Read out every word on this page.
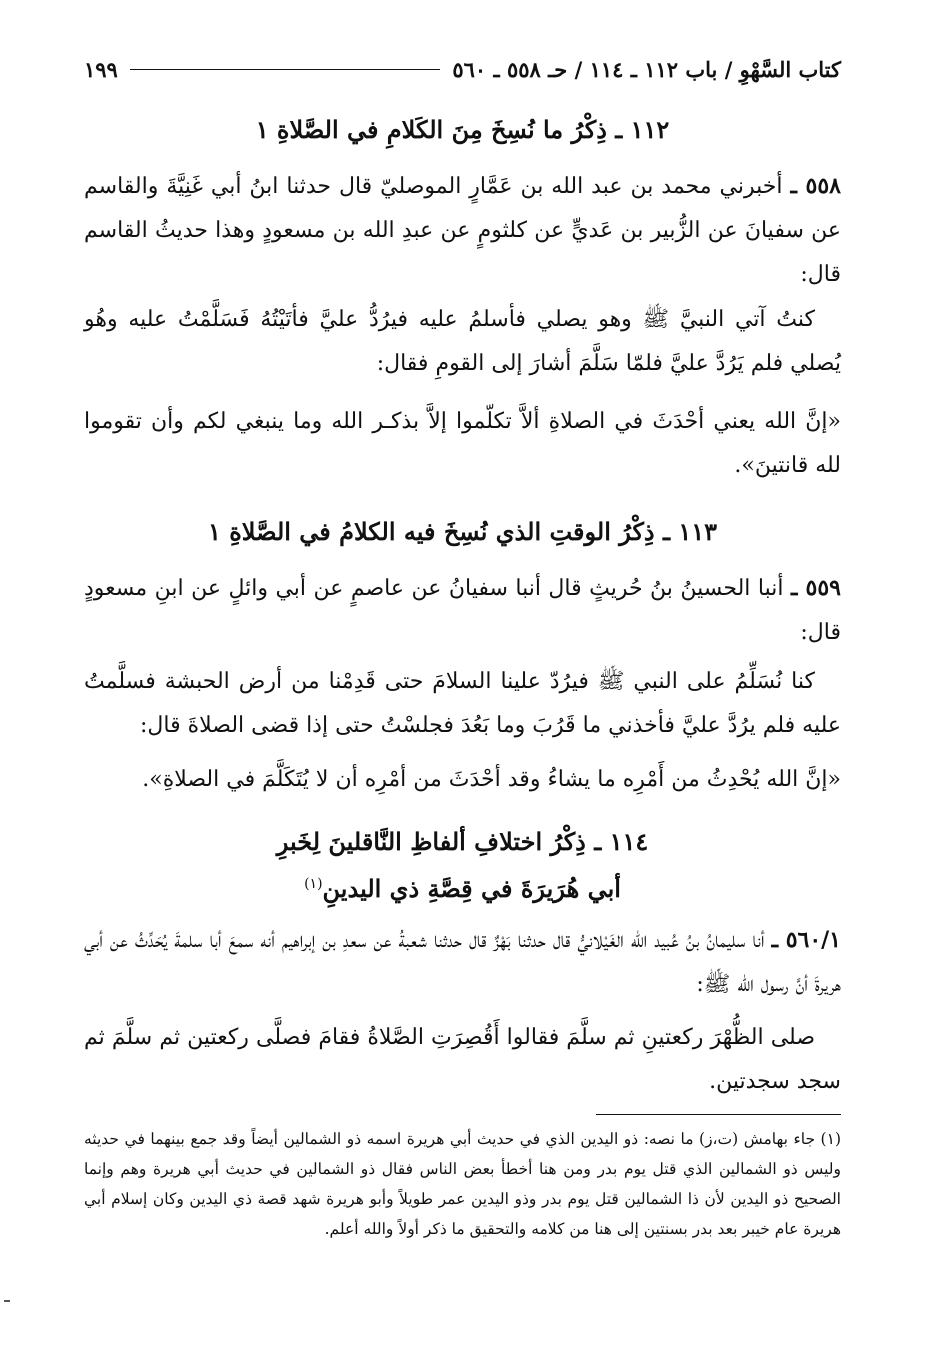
كتاب السَّهْوِ / باب ١١٢ ـ ١١٤ / حـ ٥٥٨ ـ ٥٦٠
١٩٩
١١٢ ـ ذِكْرُ ما نُسِخَ مِنَ الكَلامِ في الصَّلاةِ ١

٥٥٨ ـ أخبرني محمد بن عبد الله بن عَمَّارٍ الموصليّ قال حدثنا ابنُ أبي غَنِيَّةَ والقاسم عن سفيانَ عن الزُّبير بن عَديٍّ عن كلثومٍ عن عبدِ الله بن مسعودٍ وهذا حديثُ القاسم قال:

كنتُ آتي النبيَّ ﷺ وهو يصلي فأسلمُ عليه فيرُدُّ عليَّ فأتَيْتُهُ فَسَلَّمْتُ عليه وهُو يُصلي فلم يَرُدَّ عليَّ فلمّا سَلَّمَ أشارَ إلى القومِ فقال:

«إنَّ الله يعني أحْدَثَ في الصلاةِ ألاَّ تكلّموا إلاَّ بذكـر الله وما ينبغي لكم وأن تقوموا لله قانتينَ».

١١٣ ـ ذِكْرُ الوقتِ الذي نُسِخَ فيه الكلامُ في الصَّلاةِ ١

٥٥٩ ـ أنبا الحسينُ بنُ حُريثٍ قال أنبا سفيانُ عن عاصمٍ عن أبي وائلٍ عن ابنِ مسعودٍ قال:

كنا نُسَلِّمُ على النبي ﷺ فيرُدّ علينا السلامَ حتى قَدِمْنا من أرض الحبشة فسلَّمتُ عليه فلم يرُدَّ عليَّ فأخذني ما قَرُبَ وما بَعُدَ فجلسْتُ حتى إذا قضى الصلاةَ قال:

«إنَّ الله يُحْدِثُ من أَمْرِه ما يشاءُ وقد أحْدَثَ من أمْرِه أن لا يُتَكَلَّمَ في الصلاةِ».

١١٤ ـ ذِكْرُ اختلافِ ألفاظِ النَّاقلينَ لِخَبرِ
أبي هُرَيرَةَ في قِصَّةِ ذي اليدينِ$^{(١)}$

٥٦٠/١ ـ أنا سليمانُ بنُ عُبيد الله الغَيْلانيُّ قال حدثنا بَهْزٌ قال حدثنا شعبةُ عن سعدِ بن إبراهيم أنه سمعَ أبا سلمةَ يُحَدِّثُ عن أبي هريرةَ أنَّ رسول الله ﷺ:

صلى الظُّهْرَ ركعتينِ ثم سلَّمَ فقالوا أَقُصِرَتِ الصَّلاةُ فقامَ فصلَّى ركعتين ثم سلَّمَ ثم سجد سجدتين.

(١) جاء بهامش (ت،ز) ما نصه: ذو اليدين الذي في حديث أبي هريرة اسمه ذو الشمالين أيضاً وقد جمع بينهما في حديثه وليس ذو الشمالين الذي قتل يوم بدر ومن هنا أخطأ بعض الناس فقال ذو الشمالين في حديث أبي هريرة وهم وإنما الصحيح ذو اليدين لأن ذا الشمالين قتل يوم بدر وذو اليدين عمر طويلاً وأبو هريرة شهد قصة ذي اليدين وكان إسلام أبي هريرة عام خيبر بعد بدر بسنتين إلى هنا من كلامه والتحقيق ما ذكر أولاً والله أعلم.
